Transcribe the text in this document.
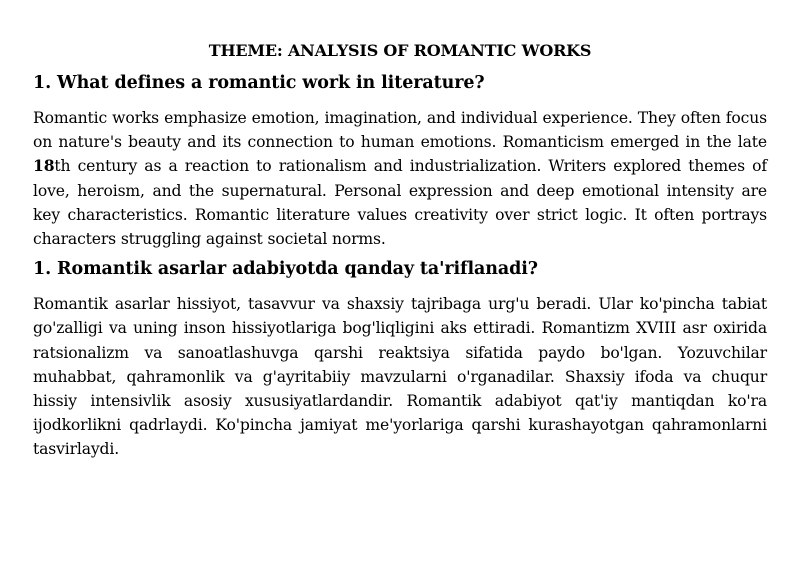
THEME: ANALYSIS OF ROMANTIC WORKS
1. What defines a romantic work in literature?

Romantic works emphasize emotion, imagination, and individual experience. They often focus on nature's beauty and its connection to human emotions. Romanticism emerged in the late 18th century as a reaction to rationalism and industrialization. Writers explored themes of love, heroism, and the supernatural. Personal expression and deep emotional intensity are key characteristics. Romantic literature values creativity over strict logic. It often portrays characters struggling against societal norms.

1. Romantik asarlar adabiyotda qanday ta'riflanadi?

Romantik asarlar hissiyot, tasavvur va shaxsiy tajribaga urg'u beradi. Ular ko'pincha tabiat go'zalligi va uning inson hissiyotlariga bog'liqligini aks ettiradi. Romantizm XVIII asr oxirida ratsionalizm va sanoatlashuvga qarshi reaktsiya sifatida paydo bo'lgan. Yozuvchilar muhabbat, qahramonlik va g'ayritabiiy mavzularni o'rganadilar. Shaxsiy ifoda va chuqur hissiy intensivlik asosiy xususiyatlardandir. Romantik adabiyot qat'iy mantiqdan ko'ra ijodkorlikni qadrlaydi. Ko'pincha jamiyat me'yorlariga qarshi kurashayotgan qahramonlarni tasvirlaydi.
